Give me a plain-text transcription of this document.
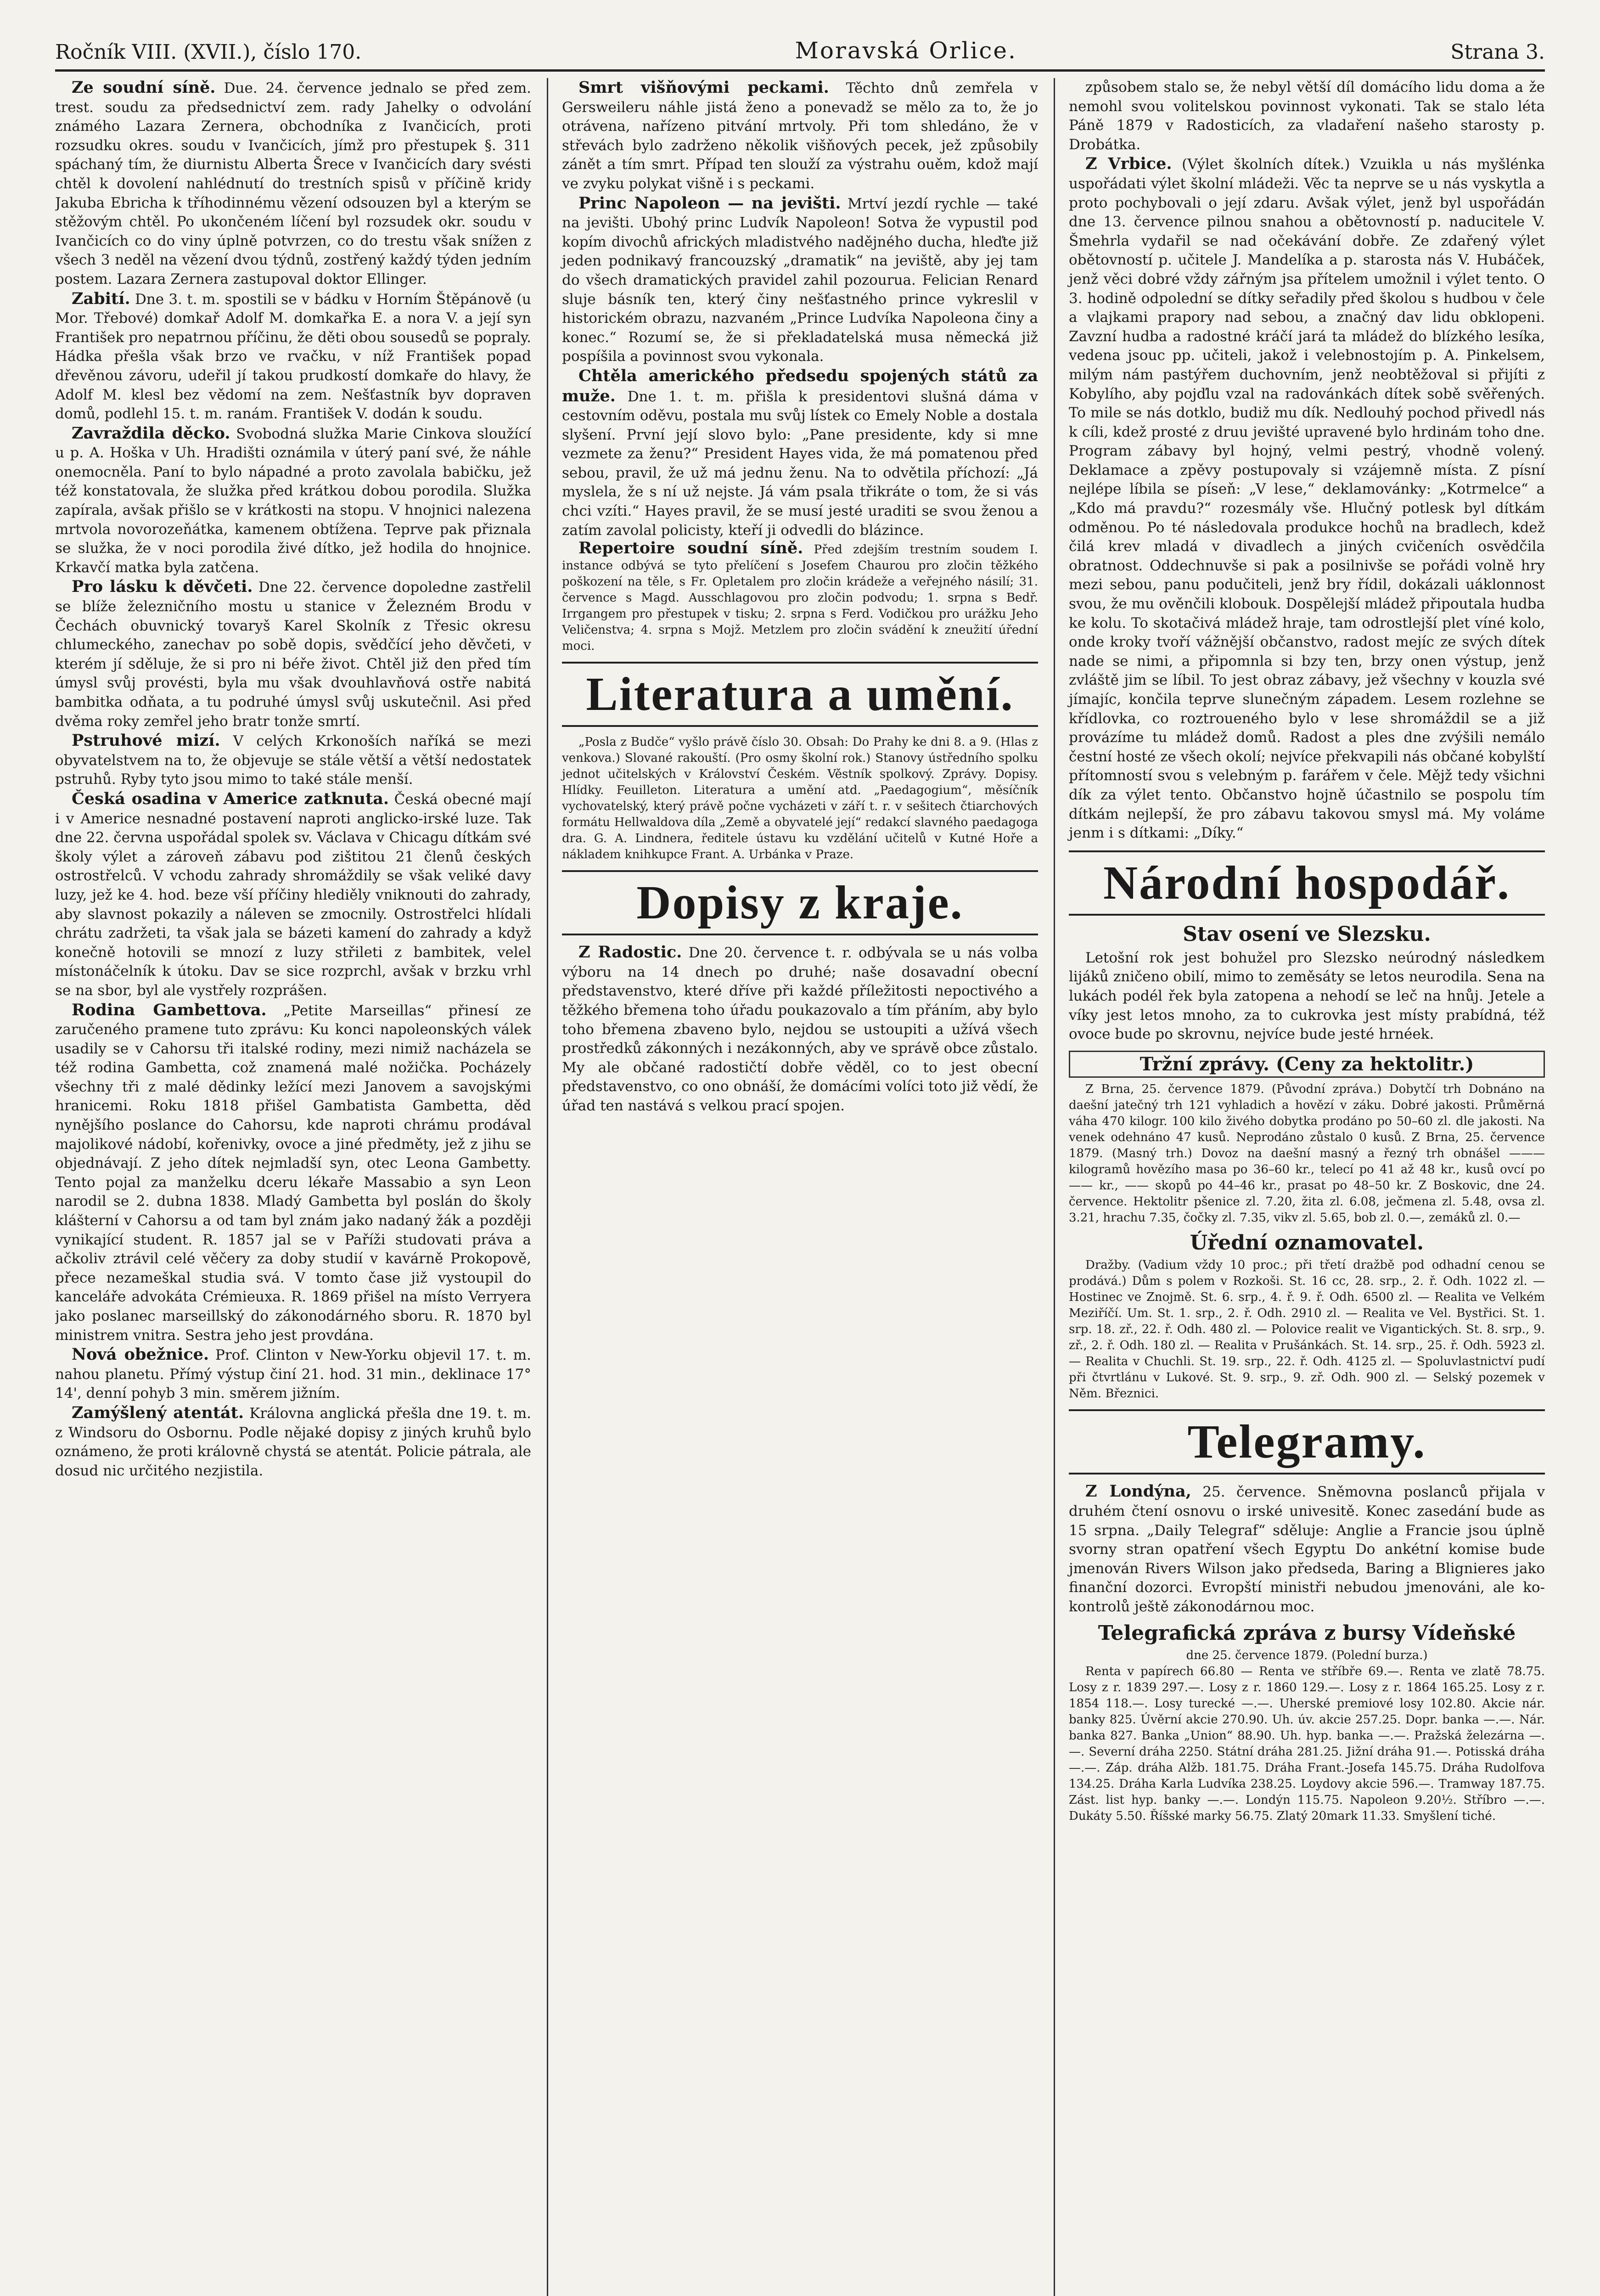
Ročník VIII. (XVII.), číslo 170.	Moravská Orlice.	Strana 3.

Ze soudní síně. Due. 24. července jednalo se před zem. trest. soudu za předsednictví zem. rady Jahelky o odvolání známého Lazara Zernera, obchodníka z Ivančicích, proti rozsudku okres. soudu v Ivančicích, jímž pro přestupek §. 311 spáchaný tím, že diurnistu Alberta Šrece v Ivančicích dary svésti chtěl k dovolení nahlédnutí do trestních spisů v příčině kridy Jakuba Ebricha k tříhodinnému vězení odsouzen byl a kterým se stěžovým chtěl. Po ukončeném líčení byl rozsudek okr. soudu v Ivančicích co do viny úplně potvrzen, co do trestu však snížen z všech 3 neděl na vězení dvou týdnů, zostřený každý týden jedním postem. Lazara Zernera zastupoval doktor Ellinger.

Zabití. Dne 3. t. m. spostili se v bádku v Horním Štěpánově (u Mor. Třebové) domkař Adolf M. domkařka E. a nora V. a její syn František pro nepatrnou příčinu, že děti obou sousedů se popraly. Hádka přešla však brzo ve rvačku, v níž František popad dřevěnou závoru, udeřil jí takou prudkostí domkaře do hlavy, že Adolf M. klesl bez vědomí na zem. Nešťastník byv dopraven domů, podlehl 15. t. m. ranám. František V. dodán k soudu.

Zavraždila děcko. Svobodná služka Marie Cinkova sloužící u p. A. Hoška v Uh. Hradišti oznámila v úterý paní své, že náhle onemocněla. Paní to bylo nápadné a proto zavolala babičku, jež též konstatovala, že služka před krátkou dobou porodila. Služka zapírala, avšak přišlo se v krátkosti na stopu. V hnojnici nalezena mrtvola novorozeňátka, kamenem obtížena. Teprve pak přiznala se služka, že v noci porodila živé dítko, jež hodila do hnojnice. Krkavčí matka byla zatčena.

Pro lásku k děvčeti. Dne 22. července dopoledne zastřelil se blíže železničního mostu u stanice v Železném Brodu v Čechách obuvnický tovaryš Karel Skolník z Třesic okresu chlumeckého, zanechav po sobě dopis, svědčící jeho děvčeti, v kterém jí sděluje, že si pro ni béře život. Chtěl již den před tím úmysl svůj provésti, byla mu však dvouhlavňová ostře nabitá bambitka odňata, a tu podruhé úmysl svůj uskutečnil. Asi před dvěma roky zemřel jeho bratr tonže smrtí.

Pstruhové mizí. V celých Krkonoších naříká se mezi obyvatelstvem na to, že objevuje se stále větší a větší nedostatek pstruhů. Ryby tyto jsou mimo to také stále menší.

Česká osadina v Americe zatknuta. Česká obecné mají i v Americe nesnadné postavení naproti anglicko-irské luze. Tak dne 22. června uspořádal spolek sv. Václava v Chicagu dítkám své školy výlet a zároveň zábavu pod zištitou 21 členů českých ostrostřelců. V vchodu zahrady shromáždily se však veliké davy luzy, jež ke 4. hod. beze vší příčiny hlediěly vniknouti do zahrady, aby slavnost pokazily a náleven se zmocnily. Ostrostřelci hlídali chrátu zadržeti, ta však jala se bázeti kamení do zahrady a když konečně hotovili se mnozí z luzy střileti z bambitek, velel místonáčelník k útoku. Dav se sice rozprchl, avšak v brzku vrhl se na sbor, byl ale vystřely rozprášen.

Rodina Gambettova. „Petite Marseillas“ přinesí ze zaručeného pramene tuto zprávu: Ku konci napoleonských válek usadily se v Cahorsu tři italské rodiny, mezi nimiž nacházela se též rodina Gambetta, což znamená malé nožička. Pocházely všechny tři z malé dědinky ležící mezi Janovem a savojskými hranicemi. Roku 1818 přišel Gambatista Gambetta, děd nynějšího poslance do Cahorsu, kde naproti chrámu prodával majolikové nádobí, kořenivky, ovoce a jiné předměty, jež z jihu se objednávají. Z jeho dítek nejmladší syn, otec Leona Gambetty. Tento pojal za manželku dceru lékaře Massabio a syn Leon narodil se 2. dubna 1838. Mladý Gambetta byl poslán do školy klášterní v Cahorsu a od tam byl znám jako nadaný žák a později vynikající student. R. 1857 jal se v Paříži studovati práva a ačkoliv ztrávil celé věčery za doby studií v kavárně Prokopově, přece nezameškal studia svá. V tomto čase již vystoupil do kanceláře advokáta Crémieuxa. R. 1869 přišel na místo Verryera jako poslanec marseillský do zákonodárného sboru. R. 1870 byl ministrem vnitra. Sestra jeho jest provdána.

Nová obežnice. Prof. Clinton v New-Yorku objevil 17. t. m. nahou planetu. Přímý výstup činí 21. hod. 31 min., deklinace 17° 14', denní pohyb 3 min. směrem jižním.

Zamýšlený atentát. Královna anglická přešla dne 19. t. m. z Windsoru do Osbornu. Podle nějaké dopisy z jiných kruhů bylo oznámeno, že proti královně chystá se atentát. Policie pátrala, ale dosud nic určitého nezjistila.

Smrt višňovými peckami. Těchto dnů zemřela v Gersweileru náhle jistá ženo a ponevadž se mělo za to, že jo otrávena, nařízeno pitvání mrtvoly. Při tom shledáno, že v střevách bylo zadrženo několik višňových pecek, jež způsobily zánět a tím smrt. Případ ten slouží za výstrahu ouěm, kdož mají ve zvyku polykat višně i s peckami.

Princ Napoleon — na jevišti. Mrtví jezdí rychle — také na jevišti. Ubohý princ Ludvík Napoleon! Sotva že vypustil pod kopím divochů afrických mladistvého nadějného ducha, hleďte již jeden podnikavý francouzský „dramatik“ na jeviště, aby jej tam do všech dramatických pravidel zahil pozourua. Felician Renard sluje básník ten, který činy nešťastného prince vykreslil v historickém obrazu, nazvaném „Prince Ludvíka Napoleona činy a konec.“ Rozumí se, že si překladatelská musa německá již pospíšila a povinnost svou vykonala.

Chtěla amerického předsedu spojených států za muže. Dne 1. t. m. přišla k presidentovi slušná dáma v cestovním oděvu, postala mu svůj lístek co Emely Noble a dostala slyšení. První její slovo bylo: „Pane presidente, kdy si mne vezmete za ženu?“ President Hayes vida, že má pomatenou před sebou, pravil, že už má jednu ženu. Na to odvětila příchozí: „Já myslela, že s ní už nejste. Já vám psala třikráte o tom, že si vás chci vzíti.“ Hayes pravil, že se musí jesté uraditi se svou ženou a zatím zavolal policisty, kteří ji odvedli do blázince.

Repertoire soudní síně. Před zdejším trestním soudem I. instance odbývá se tyto přelíčení s Josefem Chaurou pro zločin těžkého poškození na těle, s Fr. Opletalem pro zločin krádeže a veřejného násilí; 31. července s Magd. Ausschlagovou pro zločin podvodu; 1. srpna s Bedř. Irrgangem pro přestupek v tisku; 2. srpna s Ferd. Vodičkou pro urážku Jeho Veličenstva; 4. srpna s Mojž. Metzlem pro zločin svádění k zneužití úřední moci.

Literatura a umění.

„Posla z Budče“ vyšlo právě číslo 30. Obsah: Do Prahy ke dni 8. a 9. (Hlas z venkova.) Slované rakouští. (Pro osmy školní rok.) Stanovy ústředního spolku jednot učitelských v Království Českém. Věstník spolkový. Zprávy. Dopisy. Hlídky. Feuilleton. Literatura a umění atd. „Paedagogium“, měsíčník vychovatelský, který právě počne vycházeti v září t. r. v sešitech čtiarchových formátu Hellwaldova díla „Země a obyvatelé její“ redakcí slavného paedagoga dra. G. A. Lindnera, ředitele ústavu ku vzdělání učitelů v Kutné Hoře a nákladem knihkupce Frant. A. Urbánka v Praze.

Dopisy z kraje.

Z Radostic. Dne 20. července t. r. odbývala se u nás volba výboru na 14 dnech po druhé; naše dosavadní obecní představenstvo, které dříve při každé příležitosti nepoctivého a těžkého břemena toho úřadu poukazovalo a tím přáním, aby bylo toho břemena zbaveno bylo, nejdou se ustoupiti a užívá všech prostředků zákonných i nezákonných, aby ve správě obce zůstalo. My ale občané radostičtí dobře věděl, co to jest obecní představenstvo, co ono obnáší, že domácími volíci toto již vědí, že úřad ten nastává s velkou prací spojen.

způsobem stalo se, že nebyl větší díl domácího lidu doma a že nemohl svou volitelskou povinnost vykonati. Tak se stalo léta Páně 1879 v Radosticích, za vladaření našeho starosty p. Drobátka.

Z Vrbice. (Výlet školních dítek.) Vzuikla u nás myšlénka uspořádati výlet školní mládeži. Věc ta neprve se u nás vyskytla a proto pochybovali o její zdaru. Avšak výlet, jenž byl uspořádán dne 13. července pilnou snahou a obětovností p. naducitele V. Šmehrla vydařil se nad očekávání dobře. Ze zdařený výlet obětovností p. učitele J. Mandelíka a p. starosta nás V. Hubáček, jenž věci dobré vždy zářným jsa přítelem umožnil i výlet tento. O 3. hodině odpolední se dítky seřadily před školou s hudbou v čele a vlajkami prapory nad sebou, a značný dav lidu obklopeni. Zavzní hudba a radostné kráčí jará ta mládež do blízkého lesíka, vedena jsouc pp. učiteli, jakož i velebnostojím p. A. Pinkelsem, milým nám pastýřem duchovním, jenž neobtěžoval si přijíti z Kobylího, aby pojďlu vzal na radovánkách dítek sobě svěřených. To mile se nás dotklo, budiž mu dík. Nedlouhý pochod přivedl nás k cíli, kdež prosté z druu jevišté upravené bylo hrdinám toho dne. Program zábavy byl hojný, velmi pestrý, vhodně volený. Deklamace a zpěvy postupovaly si vzájemně místa. Z písní nejlépe líbila se píseň: „V lese,“ deklamovánky: „Kotrmelce“ a „Kdo má pravdu?“ rozesmály vše. Hlučný potlesk byl dítkám odměnou. Po té následovala produkce hochů na bradlech, kdež čilá krev mladá v divadlech a jiných cvičeních osvědčila obratnost. Oddechnuvše si pak a posilnivše se pořádi volně hry mezi sebou, panu podučiteli, jenž bry řídil, dokázali uáklonnost svou, že mu ověnčili klobouk. Dospělejší mládež připoutala hudba ke kolu. To skotačivá mládež hraje, tam odrostlejší plet víné kolo, onde kroky tvoří vážnější občanstvo, radost mejíc ze svých dítek nade se nimi, a připomnla si bzy ten, brzy onen výstup, jenž zvláště jim se líbil. To jest obraz zábavy, jež všechny v kouzla své jímajíc, končila teprve slunečným západem. Lesem rozlehne se křídlovka, co roztroueného bylo v lese shromáždil se a již provázíme tu mládež domů. Radost a ples dne zvýšili nemálo čestní hosté ze všech okolí; nejvíce překvapili nás občané kobylští přítomností svou s velebným p. farářem v čele. Mějž tedy všichni dík za výlet tento. Občanstvo hojně účastnilo se pospolu tím dítkám nejlepší, že pro zábavu takovou smysl má. My voláme jenm i s dítkami: „Díky.“

Národní hospodář.
Stav osení ve Slezsku.

Letošní rok jest bohužel pro Slezsko neúrodný následkem lijáků zničeno obilí, mimo to zeměsáty se letos neurodila. Sena na lukách podél řek byla zatopena a nehodí se leč na hnůj. Jetele a víky jest letos mnoho, za to cukrovka jest místy prabídná, též ovoce bude po skrovnu, nejvíce bude jesté hrnéek.

Tržní zprávy. (Ceny za hektolitr.)

Z Brna, 25. července 1879. (Původní zpráva.) Dobytčí trh Dobnáno na daešní jatečný trh 121 vyhladich a hovězí v záku. Dobré jakosti. Průměrná váha 470 kilogr. 100 kilo živého dobytka prodáno po 50–60 zl. dle jakosti. Na venek odehnáno 47 kusů. Neprodáno zůstalo 0 kusů. Z Brna, 25. července 1879. (Masný trh.) Dovoz na daešní masný a řezný trh obnášel ——— kilogramů hovězího masa po 36–60 kr., telecí po 41 až 48 kr., kusů ovcí po —— kr., —— skopů po 44–46 kr., prasat po 48–50 kr. Z Boskovic, dne 24. července. Hektolitr pšenice zl. 7.20, žita zl. 6.08, ječmena zl. 5.48, ovsa zl. 3.21, hrachu 7.35, čočky zl. 7.35, vikv zl. 5.65, bob zl. 0.—, zemáků zl. 0.—

Úřední oznamovatel.

Dražby. (Vadium vždy 10 proc.; při třetí dražbě pod odhadní cenou se prodává.) Dům s polem v Rozkoši. St. 16 cc, 28. srp., 2. ř. Odh. 1022 zl. — Hostinec ve Znojmě. St. 6. srp., 4. ř. 9. ř. Odh. 6500 zl. — Realita ve Velkém Meziříčí. Um. St. 1. srp., 2. ř. Odh. 2910 zl. — Realita ve Vel. Bystřici. St. 1. srp. 18. zř., 22. ř. Odh. 480 zl. — Polovice realit ve Vigantických. St. 8. srp., 9. zř., 2. ř. Odh. 180 zl. — Realita v Prušánkách. St. 14. srp., 25. ř. Odh. 5923 zl. — Realita v Chuchli. St. 19. srp., 22. ř. Odh. 4125 zl. — Spoluvlastnictví pudí při čtvrtlánu v Lukové. St. 9. srp., 9. zř. Odh. 900 zl. — Selský pozemek v Něm. Březnici.

Telegramy.

Z Londýna, 25. července. Sněmovna poslanců přijala v druhém čtení osnovu o irské univesitě. Konec zasedání bude as 15 srpna. „Daily Telegraf“ sděluje: Anglie a Francie jsou úplně svorny stran opatření všech Egyptu Do ankétní komise bude jmenován Rivers Wilson jako předseda, Baring a Blignieres jako finanční dozorci. Evropští ministři nebudou jmenováni, ale ko-kontrolů ještě zákonodárnou moc.

Telegrafická zpráva z bursy Vídeňské
dne 25. července 1879. (Polední burza.)

Renta v papírech 66.80 — Renta ve stříbře 69.—. Renta ve zlatě 78.75. Losy z r. 1839 297.—. Losy z r. 1860 129.—. Losy z r. 1864 165.25. Losy z r. 1854 118.—. Losy turecké —.—. Uherské premiové losy 102.80. Akcie nár. banky 825. Úvěrní akcie 270.90. Uh. úv. akcie 257.25. Dopr. banka —.—. Nár. banka 827. Banka „Union“ 88.90. Uh. hyp. banka —.—. Pražská železárna —.—. Severní dráha 2250. Státní dráha 281.25. Jižní dráha 91.—. Potisská dráha —.—. Záp. dráha Alžb. 181.75. Dráha Frant.-Josefa 145.75. Dráha Rudolfova 134.25. Dráha Karla Ludvíka 238.25. Loydovy akcie 596.—. Tramway 187.75. Zást. list hyp. banky —.—. Londýn 115.75. Napoleon 9.20½. Stříbro —.—. Dukáty 5.50. Říšské marky 56.75. Zlatý 20mark 11.33. Smyšlení tiché.
